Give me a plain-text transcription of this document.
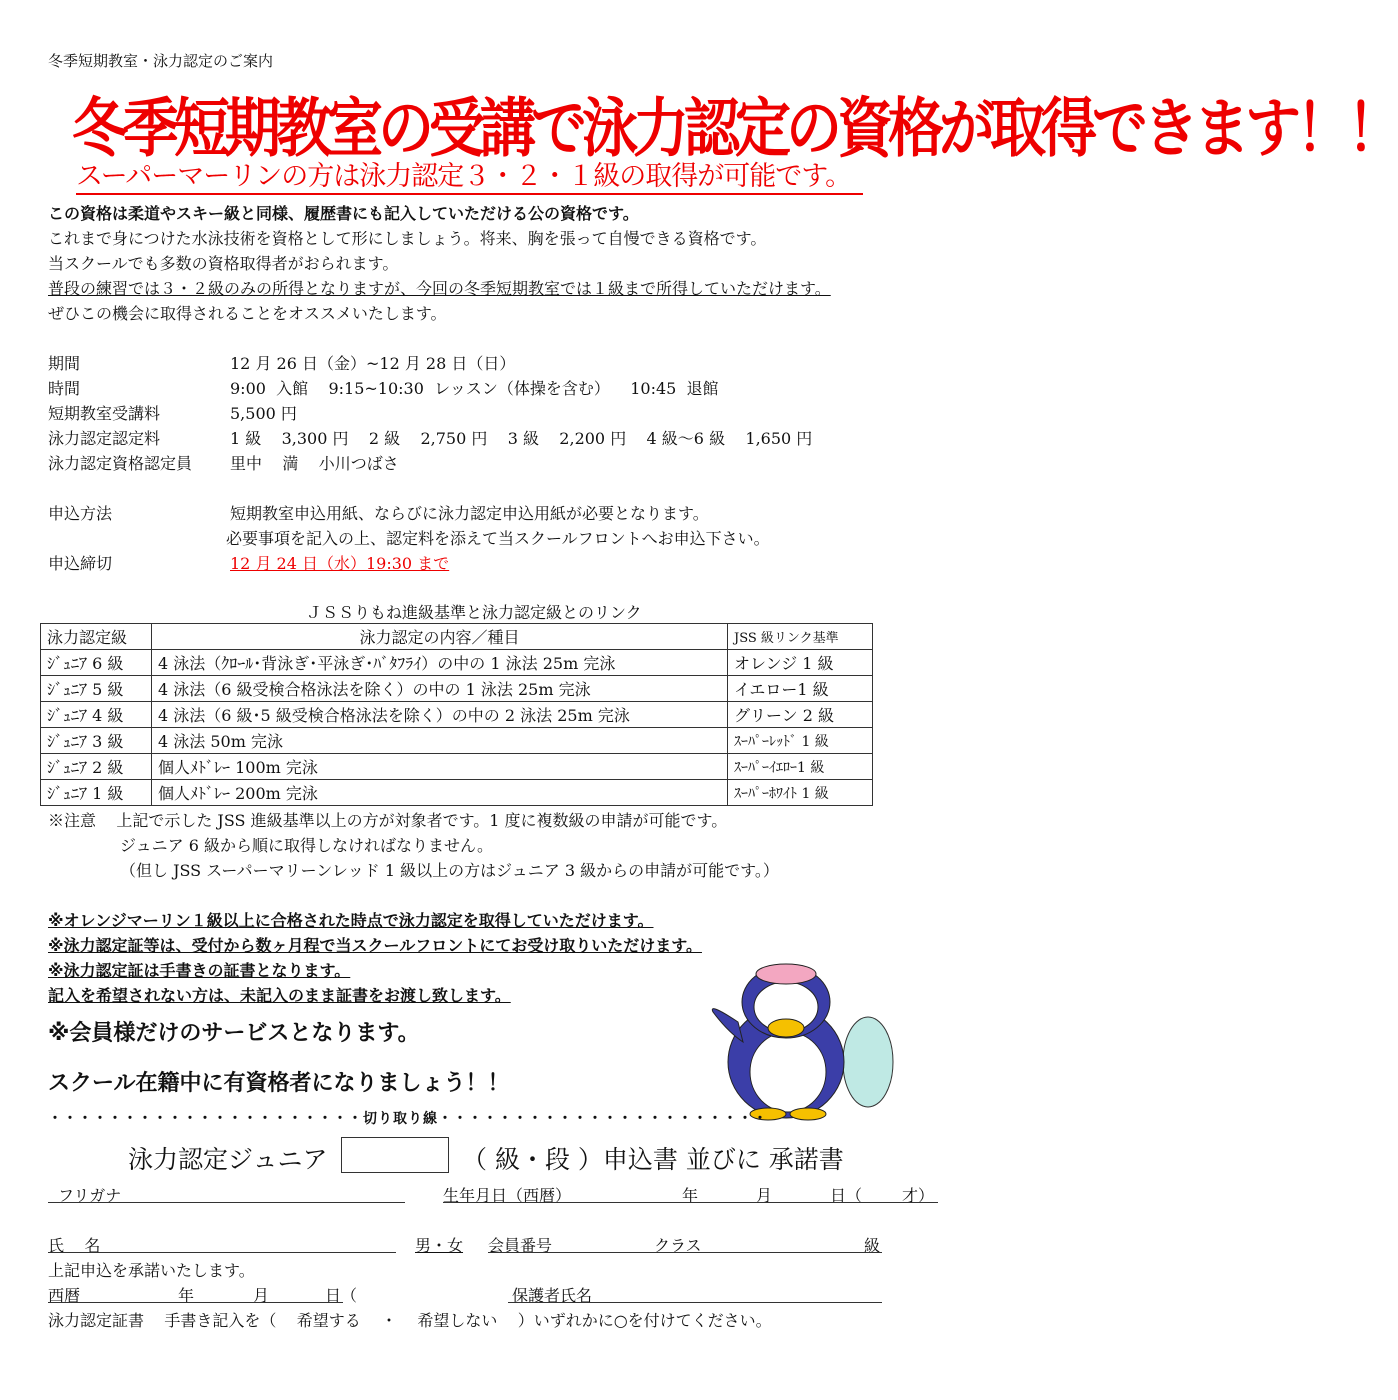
冬季短期教室・泳力認定のご案内
冬季短期教室の受講で泳力認定の資格が取得できます！！
スーパーマーリンの方は泳力認定３・２・１級の取得が可能です。
この資格は柔道やスキー級と同様、履歴書にも記入していただける公の資格です。
これまで身につけた水泳技術を資格として形にしましょう。将来、胸を張って自慢できる資格です。
当スクールでも多数の資格取得者がおられます。
普段の練習では３・２級のみの所得となりますが、今回の冬季短期教室では１級まで所得していただけます。
ぜひこの機会に取得されることをオススメいたします。
期間	12 月 26 日（金）~12 月 28 日（日）
時間	9:00  入館    9:15~10:30  レッスン（体操を含む）    10:45  退館
短期教室受講料	5,500 円
泳力認定認定料	1 級    3,300 円    2 級    2,750 円    3 級    2,200 円    4 級～6 級    1,650 円
泳力認定資格認定員 里中    満    小川つばさ
申込方法	短期教室申込用紙、ならびに泳力認定申込用紙が必要となります。
必要事項を記入の上、認定料を添えて当スクールフロントへお申込下さい。
申込締切	12 月 24 日（水）19:30 まで
ＪＳＳりもね進級基準と泳力認定級とのリンク
泳力認定級	泳力認定の内容／種目	JSS 級リンク基準
ｼﾞｭﾆｱ 6 級	4 泳法（ｸﾛｰﾙ･背泳ぎ･平泳ぎ･ﾊﾞﾀﾌﾗｲ）の中の 1 泳法 25m 完泳	オレンジ 1 級
ｼﾞｭﾆｱ 5 級	4 泳法（6 級受検合格泳法を除く）の中の 1 泳法 25m 完泳	イエロー1 級
ｼﾞｭﾆｱ 4 級	4 泳法（6 級･5 級受検合格泳法を除く）の中の 2 泳法 25m 完泳	グリーン 2 級
ｼﾞｭﾆｱ 3 級	4 泳法 50m 完泳	ｽｰﾊﾟｰﾚｯﾄﾞ 1 級
ｼﾞｭﾆｱ 2 級	個人ﾒﾄﾞﾚｰ 100m 完泳	ｽｰﾊﾟｰｲｴﾛｰ1 級
ｼﾞｭﾆｱ 1 級	個人ﾒﾄﾞﾚｰ 200m 完泳	ｽｰﾊﾟｰﾎﾜｲﾄ 1 級
※注意    上記で示した JSS 進級基準以上の方が対象者です。1 度に複数級の申請が可能です。
ジュニア 6 級から順に取得しなければなりません。
（但し JSS スーパーマリーンレッド 1 級以上の方はジュニア 3 級からの申請が可能です。）
※オレンジマーリン１級以上に合格された時点で泳力認定を取得していただけます。
※泳力認定証等は、受付から数ヶ月程で当スクールフロントにてお受け取りいただけます。
※泳力認定証は手書きの証書となります。
記入を希望されない方は、未記入のまま証書をお渡し致します。
※会員様だけのサービスとなります。
スクール在籍中に有資格者になりましょう！！
・・・・・・・・・・・・・・・・・・・・・切り取り線・・・・・・・・・・・・・・・・・・・・・・
泳力認定ジュニア	（ 級・段 ）申込書 並びに 承諾書
フリガナ	生年月日（西暦）	年	月	日（ 才）
氏    名	男・女 会員番号	クラス	級
上記申込を承諾いたします。
西暦	年	月	日（	保護者氏名
泳力認定証書    手書き記入を（    希望する    ・    希望しない    ）いずれかに○を付けてください。
